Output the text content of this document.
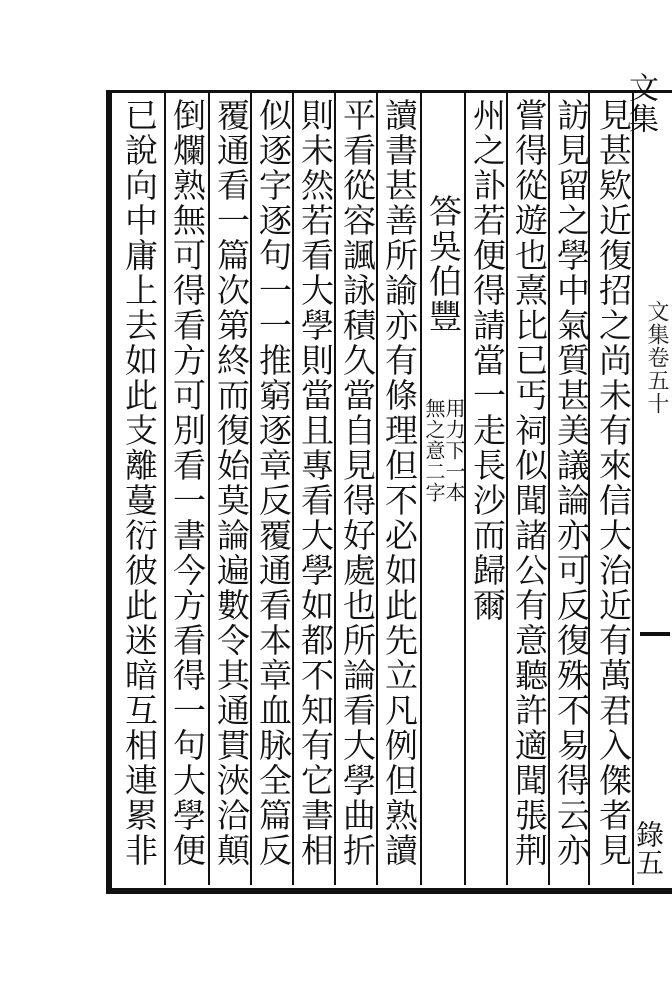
文集
文集卷五十
錄五
見甚欵近復招之尚未有來信大治近有萬君入傑者見
訪見留之學中氣質甚美議論亦可反復殊不易得云亦
嘗得從遊也熹比已丐祠似聞諸公有意聽許適聞張荆
州之訃若便得請當一走長沙而歸爾
答吳伯豐
用力下一本
無之意二字
讀書甚善所諭亦有條理但不必如此先立凡例但熟讀
平看從容諷詠積久當自見得好處也所論看大學曲折
則未然若看大學則當且專看大學如都不知有它書相
似逐字逐句一一推窮逐章反覆通看本章血脉全篇反
覆通看一篇次第終而復始莫論遍數令其通貫浹洽顛
倒爛熟無可得看方可別看一書今方看得一句大學便
已說向中庸上去如此支離蔓衍彼此迷暗互相連累非
